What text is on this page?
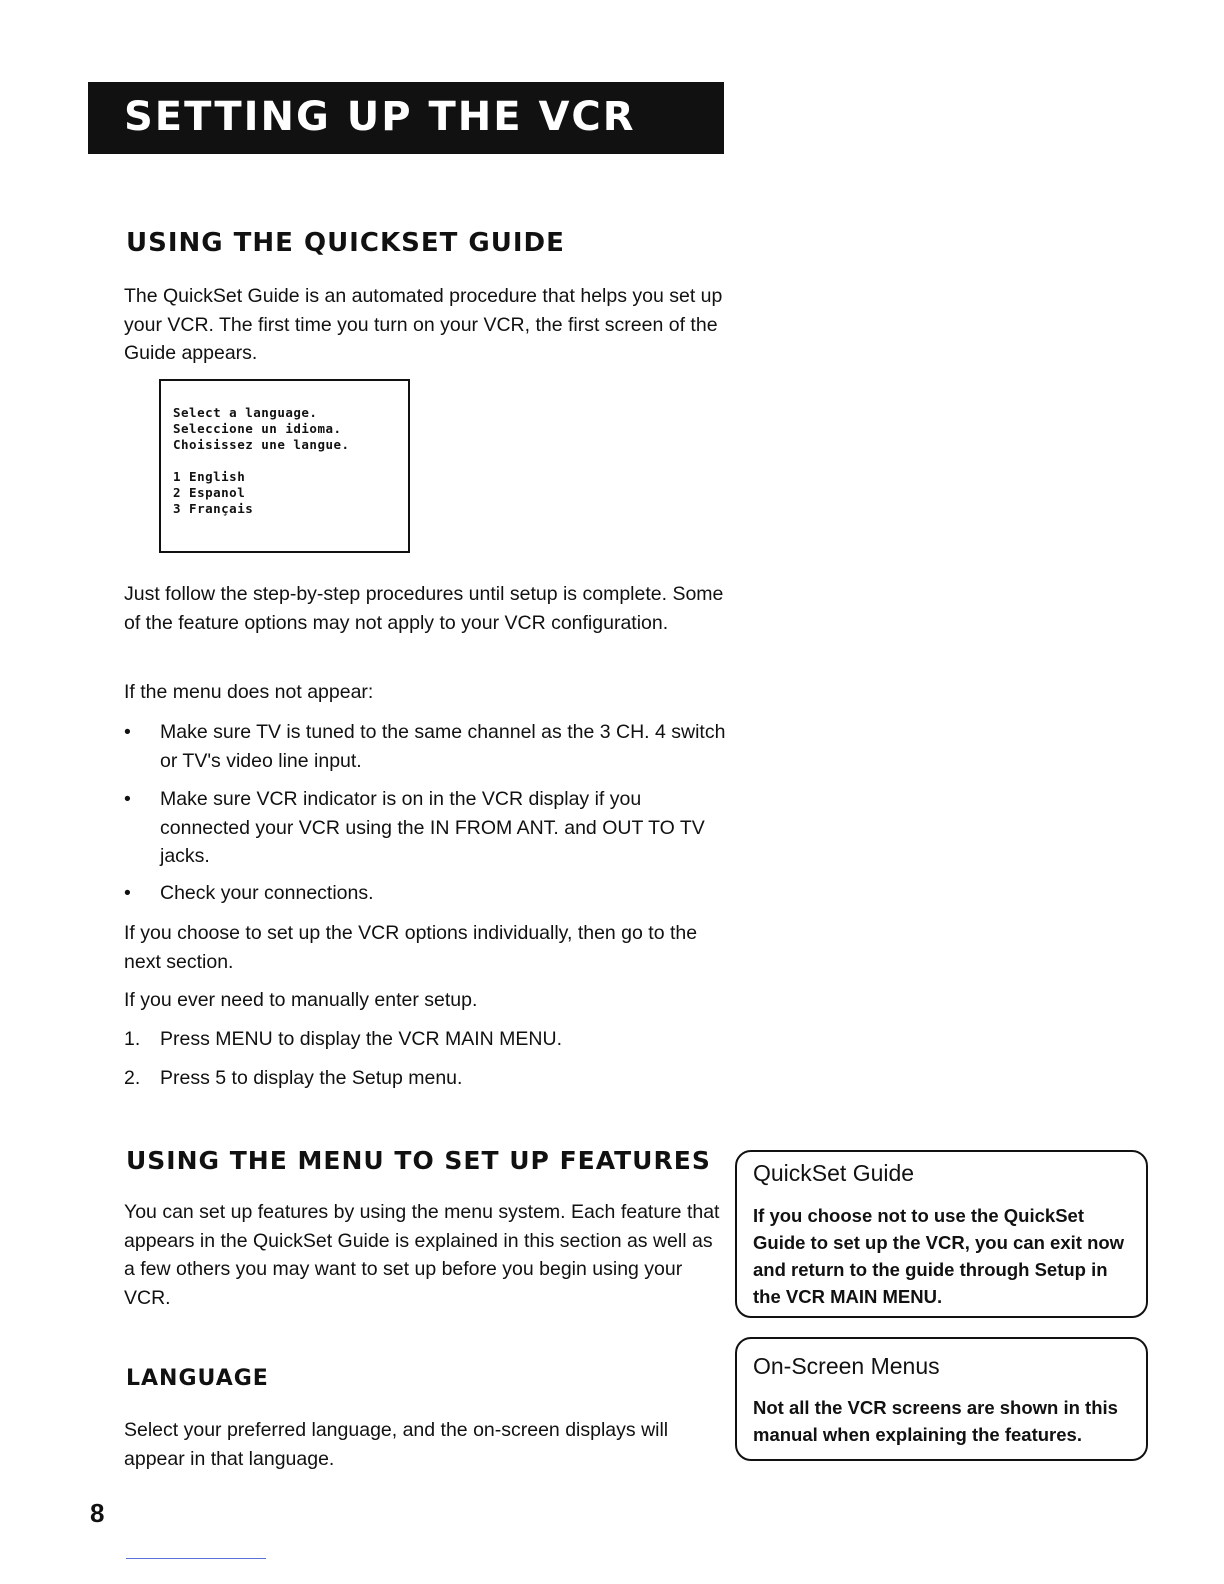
SETTING UP THE VCR
USING THE QUICKSET GUIDE

The QuickSet Guide is an automated procedure that helps you set up your VCR. The first time you turn on your VCR, the first screen of the Guide appears.

Select a language.
Seleccione un idioma.
Choisissez une langue.
1 English
2 Espanol
3 Français

Just follow the step-by-step procedures until setup is complete. Some of the feature options may not apply to your VCR configuration.

If the menu does not appear:

•	Make sure TV is tuned to the same channel as the 3 CH. 4 switch or TV's video line input.
•	Make sure VCR indicator is on in the VCR display if you connected your VCR using the IN FROM ANT. and OUT TO TV jacks.
•	Check your connections.

If you choose to set up the VCR options individually, then go to the next section.

If you ever need to manually enter setup.

1. Press MENU to display the VCR MAIN MENU.
2. Press 5 to display the Setup menu.
USING THE MENU TO SET UP FEATURES

You can set up features by using the menu system. Each feature that appears in the QuickSet Guide is explained in this section as well as a few others you may want to set up before you begin using your VCR.

LANGUAGE

Select your preferred language, and the on-screen displays will appear in that language.

QuickSet Guide

If you choose not to use the QuickSet Guide to set up the VCR, you can exit now and return to the guide through Setup in the VCR MAIN MENU.

On-Screen Menus

Not all the VCR screens are shown in this manual when explaining the features.

8
